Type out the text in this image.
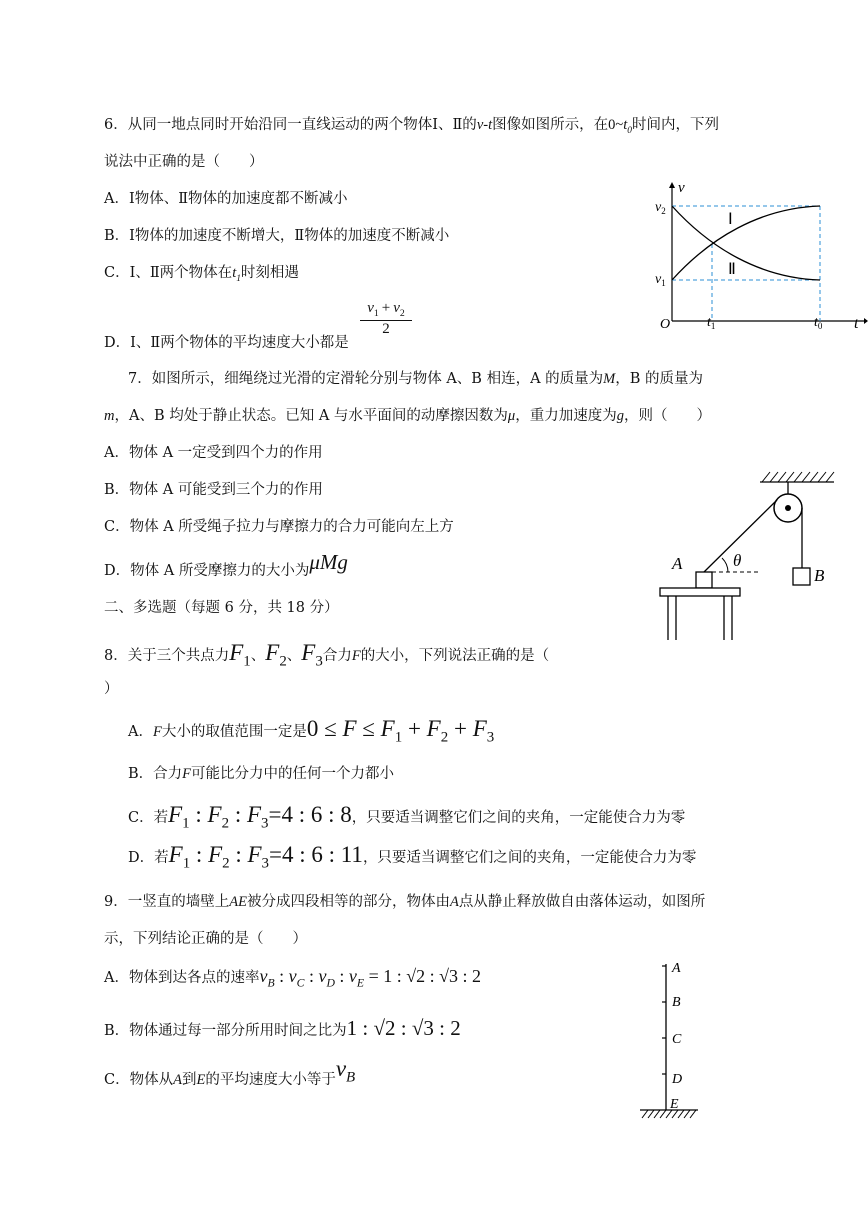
6．从同一地点同时开始沿同一直线运动的两个物体Ⅰ、Ⅱ的v-t图像如图所示，在$0\sim t_0$时间内，下列
说法中正确的是（　　）
A．Ⅰ物体、Ⅱ物体的加速度都不断减小
B．Ⅰ物体的加速度不断增大，Ⅱ物体的加速度不断减小
C．Ⅰ、Ⅱ两个物体在$t_1$时刻相遇
D．Ⅰ、Ⅱ两个物体的平均速度大小都是
$\frac{v_1 + v_2}{2}$
v
t
O
$v_2$
$v_1$
$t_1$	$t_0$
Ⅰ
Ⅱ
7．如图所示，细绳绕过光滑的定滑轮分别与物体 A、B 相连，A 的质量为M，B 的质量为
m，A、B 均处于静止状态。已知 A 与水平面间的动摩擦因数为μ，重力加速度为g，则（　　）
A．物体 A 一定受到四个力的作用
B．物体 A 可能受到三个力的作用
C．物体 A 所受绳子拉力与摩擦力的合力可能向左上方
D．物体 A 所受摩擦力的大小为μMg	A
B
θ
二、多选题（每题 6 分，共 18 分）
8．关于三个共点力$F_1$、$F_2$、$F_3$合力F的大小，下列说法正确的是（
）
A．F大小的取值范围一定是$0 \le F \le F_1 + F_2 + F_3$
B．合力F可能比分力中的任何一个力都小
C．若$F_1$ : $F_2$ : $F_3=4$ : 6 : 8，只要适当调整它们之间的夹角，一定能使合力为零
D．若$F_1$ : $F_2$ : $F_3=4$ : 6 : 11，只要适当调整它们之间的夹角，一定能使合力为零
9．一竖直的墙壁上AE被分成四段相等的部分，物体由A点从静止释放做自由落体运动，如图所
示，下列结论正确的是（　　）
A．物体到达各点的速率$v_B$ : $v_C$ : $v_D$ : $v_E = 1$ : √2 : √3 : 2
B．物体通过每一部分所用时间之比为1 : √2 : √3 : 2
C．物体从A到E的平均速度大小等于$v_B$
A
B
C
D
E
